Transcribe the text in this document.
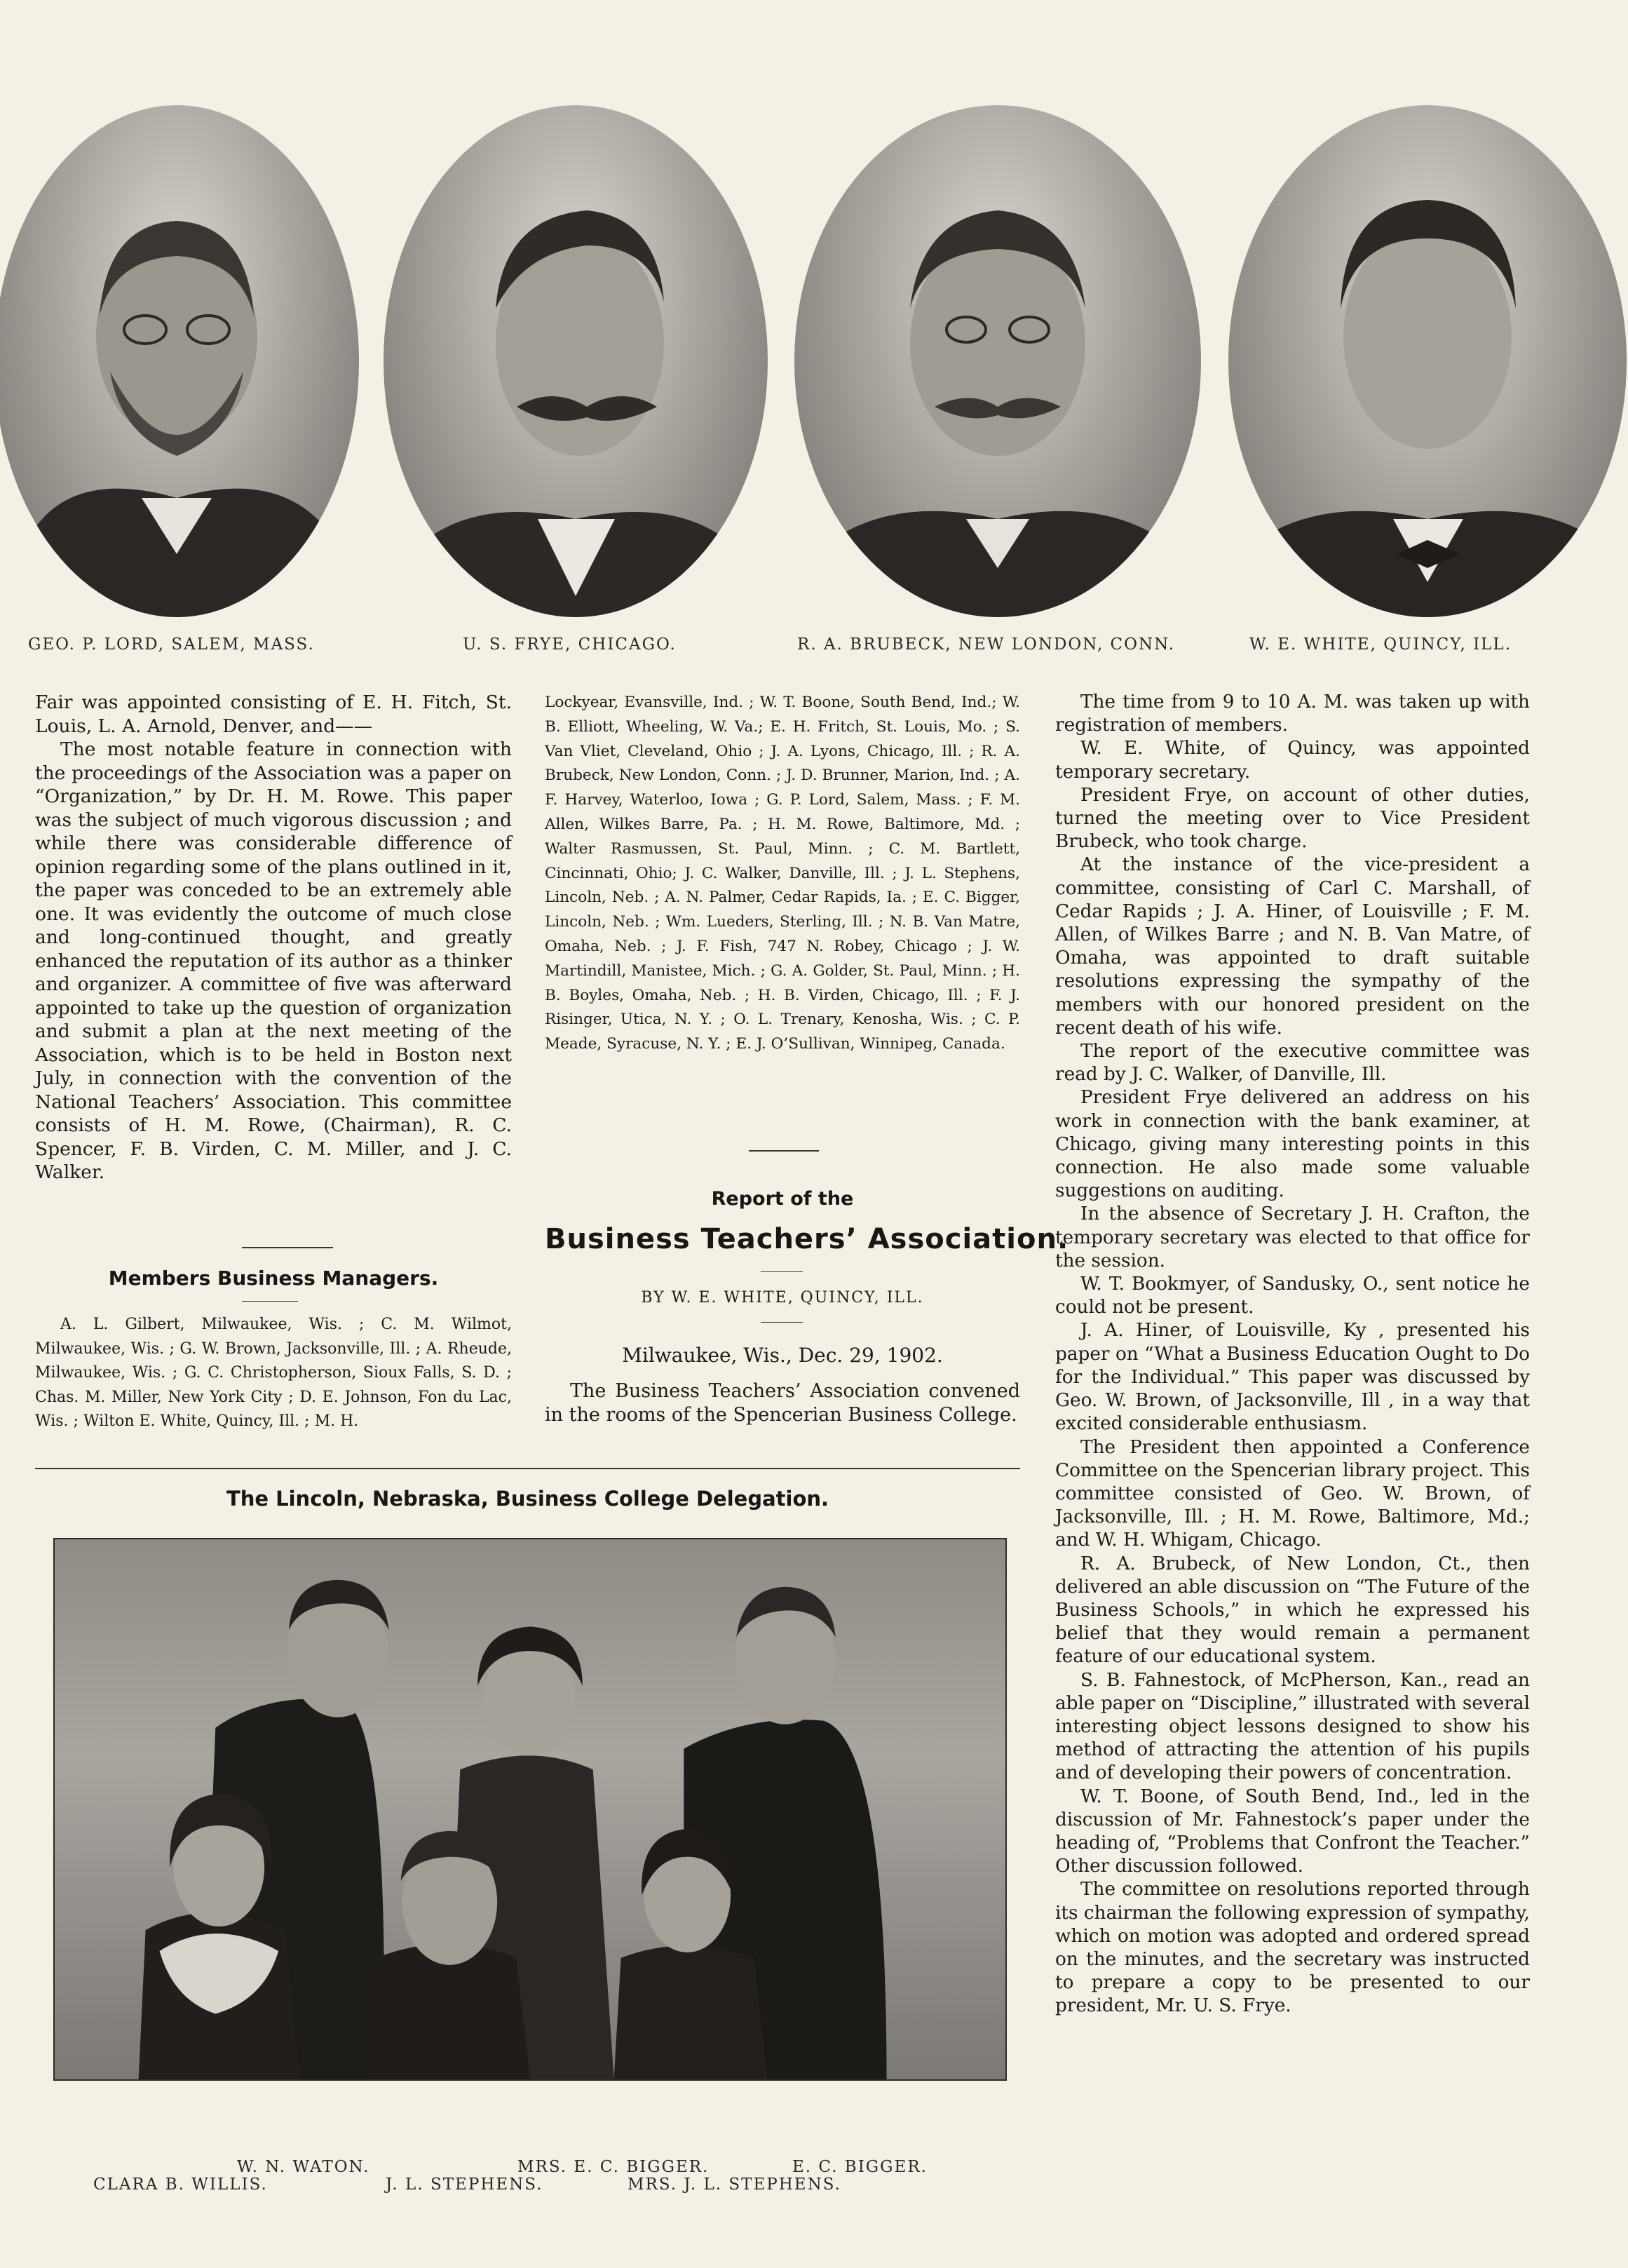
GEO. P. LORD, SALEM, MASS.	U. S. FRYE, CHICAGO.	R. A. BRUBECK, NEW LONDON, CONN.	W. E. WHITE, QUINCY, ILL.

Fair was appointed consisting of E. H. Fitch, St. Louis, L. A. Arnold, Denver, and——

The most notable feature in connection with the proceedings of the Association was a paper on “Organization,” by Dr. H. M. Rowe. This paper was the subject of much vigorous discussion ; and while there was considerable difference of opinion regarding some of the plans outlined in it, the paper was conceded to be an extremely able one. It was evidently the outcome of much close and long-continued thought, and greatly enhanced the reputation of its author as a thinker and organizer. A committee of five was afterward appointed to take up the question of organization and submit a plan at the next meeting of the Association, which is to be held in Boston next July, in connection with the convention of the National Teachers’ Association. This committee consists of H. M. Rowe, (Chairman), R. C. Spencer, F. B. Virden, C. M. Miller, and J. C. Walker.

Members Business Managers.

A. L. Gilbert, Milwaukee, Wis. ; C. M. Wilmot, Milwaukee, Wis. ; G. W. Brown, Jacksonville, Ill. ; A. Rheude, Milwaukee, Wis. ; G. C. Christopherson, Sioux Falls, S. D. ; Chas. M. Miller, New York City ; D. E. Johnson, Fon du Lac, Wis. ; Wilton E. White, Quincy, Ill. ; M. H.

Lockyear, Evansville, Ind. ; W. T. Boone, South Bend, Ind.; W. B. Elliott, Wheeling, W. Va.; E. H. Fritch, St. Louis, Mo. ; S. Van Vliet, Cleveland, Ohio ; J. A. Lyons, Chicago, Ill. ; R. A. Brubeck, New London, Conn. ; J. D. Brunner, Marion, Ind. ; A. F. Harvey, Waterloo, Iowa ; G. P. Lord, Salem, Mass. ; F. M. Allen, Wilkes Barre, Pa. ; H. M. Rowe, Baltimore, Md. ; Walter Rasmussen, St. Paul, Minn. ; C. M. Bartlett, Cincinnati, Ohio; J. C. Walker, Danville, Ill. ; J. L. Stephens, Lincoln, Neb. ; A. N. Palmer, Cedar Rapids, Ia. ; E. C. Bigger, Lincoln, Neb. ; Wm. Lueders, Sterling, Ill. ; N. B. Van Matre, Omaha, Neb. ; J. F. Fish, 747 N. Robey, Chicago ; J. W. Martindill, Manistee, Mich. ; G. A. Golder, St. Paul, Minn. ; H. B. Boyles, Omaha, Neb. ; H. B. Virden, Chicago, Ill. ; F. J. Risinger, Utica, N. Y. ; O. L. Trenary, Kenosha, Wis. ; C. P. Meade, Syracuse, N. Y. ; E. J. O’Sullivan, Winnipeg, Canada.

Report of the
Business Teachers’ Association.
BY W. E. WHITE, QUINCY, ILL.
Milwaukee, Wis., Dec. 29, 1902.

The Business Teachers’ Association convened in the rooms of the Spencerian Business College.

The time from 9 to 10 A. M. was taken up with registration of members.

W. E. White, of Quincy, was appointed temporary secretary.

President Frye, on account of other duties, turned the meeting over to Vice President Brubeck, who took charge.

At the instance of the vice-president a committee, consisting of Carl C. Marshall, of Cedar Rapids ; J. A. Hiner, of Louisville ; F. M. Allen, of Wilkes Barre ; and N. B. Van Matre, of Omaha, was appointed to draft suitable resolutions expressing the sympathy of the members with our honored president on the recent death of his wife.

The report of the executive committee was read by J. C. Walker, of Danville, Ill.

President Frye delivered an address on his work in connection with the bank examiner, at Chicago, giving many interesting points in this connection. He also made some valuable suggestions on auditing.

In the absence of Secretary J. H. Crafton, the temporary secretary was elected to that office for the session.

W. T. Bookmyer, of Sandusky, O., sent notice he could not be present.

J. A. Hiner, of Louisville, Ky , presented his paper on “What a Business Education Ought to Do for the Individual.” This paper was discussed by Geo. W. Brown, of Jacksonville, Ill , in a way that excited considerable enthusiasm.

The President then appointed a Conference Committee on the Spencerian library project. This committee consisted of Geo. W. Brown, of Jacksonville, Ill. ; H. M. Rowe, Baltimore, Md.; and W. H. Whigam, Chicago.

R. A. Brubeck, of New London, Ct., then delivered an able discussion on “The Future of the Business Schools,” in which he expressed his belief that they would remain a permanent feature of our educational system.

S. B. Fahnestock, of McPherson, Kan., read an able paper on “Discipline,” illustrated with several interesting object lessons designed to show his method of attracting the attention of his pupils and of developing their powers of concentration.

W. T. Boone, of South Bend, Ind., led in the discussion of Mr. Fahnestock’s paper under the heading of, “Problems that Confront the Teacher.” Other discussion followed.

The committee on resolutions reported through its chairman the following expression of sympathy, which on motion was adopted and ordered spread on the minutes, and the secretary was instructed to prepare a copy to be presented to our president, Mr. U. S. Frye.

The Lincoln, Nebraska, Business College Delegation.
W. N. WATON.	MRS. E. C. BIGGER.	E. C. BIGGER.
CLARA B. WILLIS.	J. L. STEPHENS.	MRS. J. L. STEPHENS.
